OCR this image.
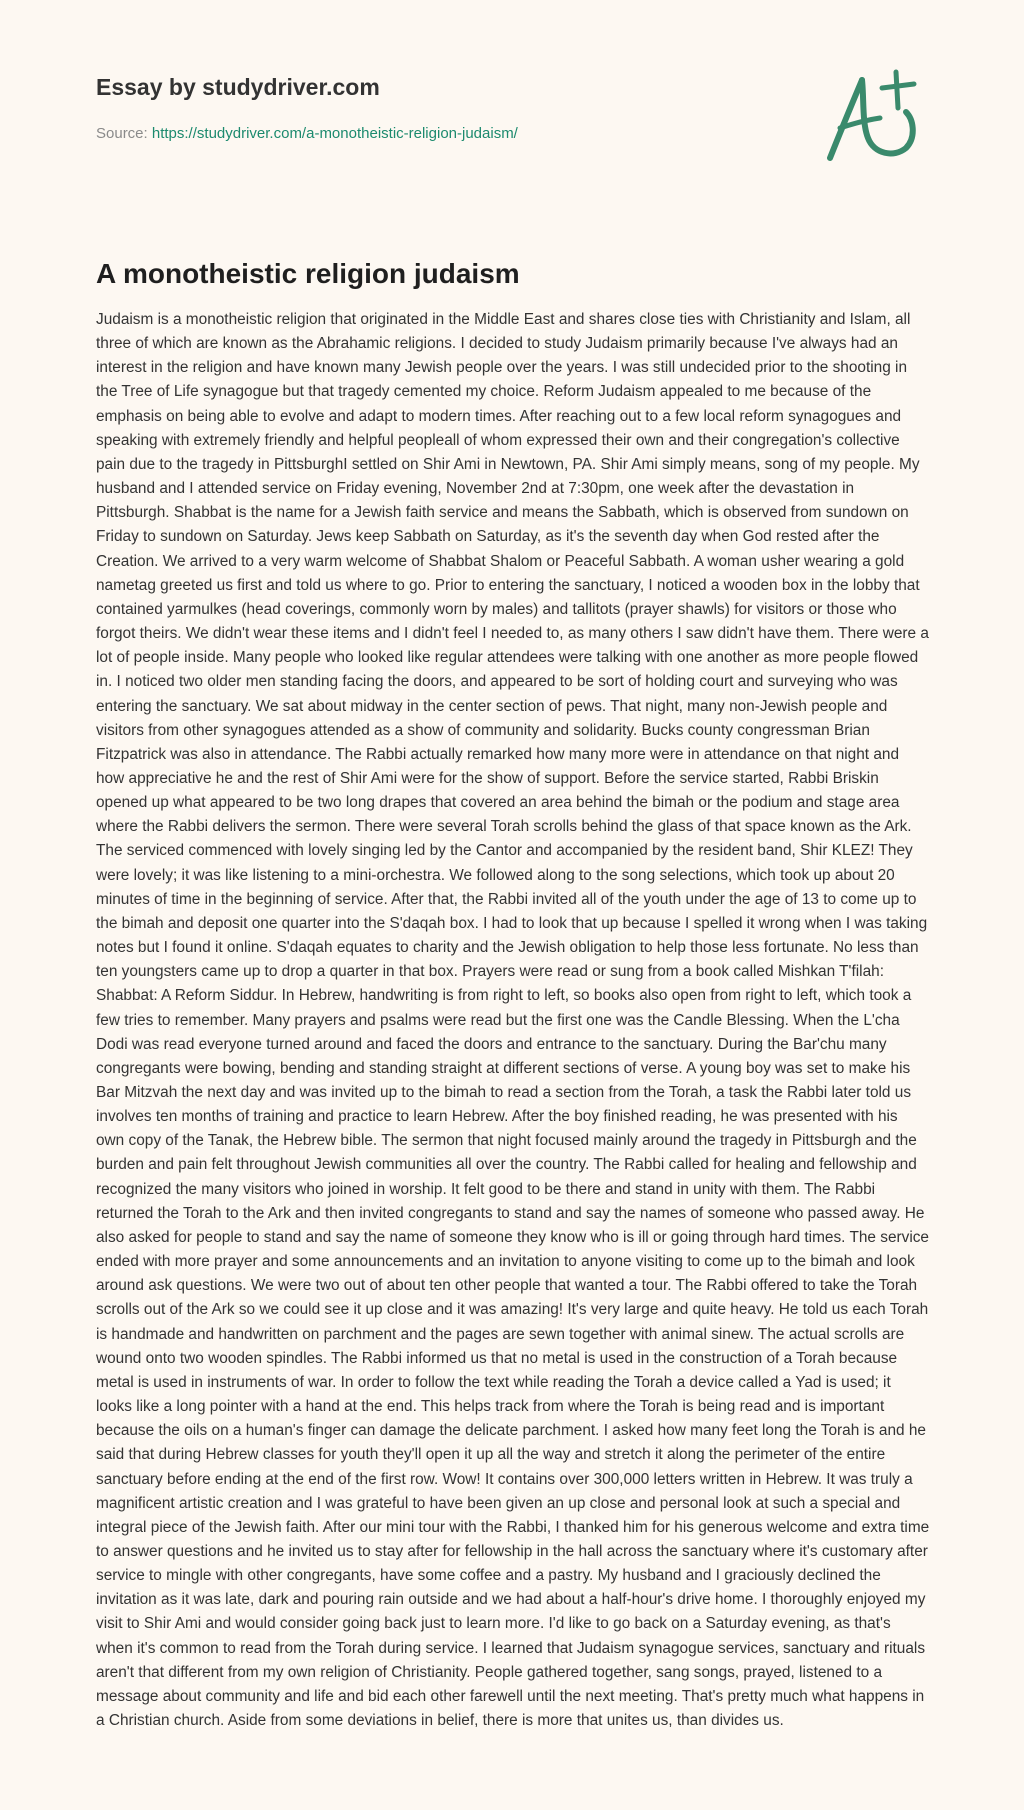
Essay by studydriver.com
Source: https://studydriver.com/a-monotheistic-religion-judaism/
A monotheistic religion judaism

Judaism is a monotheistic religion that originated in the Middle East and shares close ties with Christianity and Islam, all three of which are known as the Abrahamic religions. I decided to study Judaism primarily because I've always had an interest in the religion and have known many Jewish people over the years. I was still undecided prior to the shooting in the Tree of Life synagogue but that tragedy cemented my choice. Reform Judaism appealed to me because of the emphasis on being able to evolve and adapt to modern times. After reaching out to a few local reform synagogues and speaking with extremely friendly and helpful peopleall of whom expressed their own and their congregation's collective pain due to the tragedy in PittsburghI settled on Shir Ami in Newtown, PA. Shir Ami simply means, song of my people. My husband and I attended service on Friday evening, November 2nd at 7:30pm, one week after the devastation in Pittsburgh. Shabbat is the name for a Jewish faith service and means the Sabbath, which is observed from sundown on Friday to sundown on Saturday. Jews keep Sabbath on Saturday, as it's the seventh day when God rested after the Creation. We arrived to a very warm welcome of Shabbat Shalom or Peaceful Sabbath. A woman usher wearing a gold nametag greeted us first and told us where to go. Prior to entering the sanctuary, I noticed a wooden box in the lobby that contained yarmulkes (head coverings, commonly worn by males) and tallitots (prayer shawls) for visitors or those who forgot theirs. We didn't wear these items and I didn't feel I needed to, as many others I saw didn't have them. There were a lot of people inside. Many people who looked like regular attendees were talking with one another as more people flowed in. I noticed two older men standing facing the doors, and appeared to be sort of holding court and surveying who was entering the sanctuary. We sat about midway in the center section of pews. That night, many non-Jewish people and visitors from other synagogues attended as a show of community and solidarity. Bucks county congressman Brian Fitzpatrick was also in attendance. The Rabbi actually remarked how many more were in attendance on that night and how appreciative he and the rest of Shir Ami were for the show of support. Before the service started, Rabbi Briskin opened up what appeared to be two long drapes that covered an area behind the bimah or the podium and stage area where the Rabbi delivers the sermon. There were several Torah scrolls behind the glass of that space known as the Ark. The serviced commenced with lovely singing led by the Cantor and accompanied by the resident band, Shir KLEZ! They were lovely; it was like listening to a mini-orchestra. We followed along to the song selections, which took up about 20 minutes of time in the beginning of service. After that, the Rabbi invited all of the youth under the age of 13 to come up to the bimah and deposit one quarter into the S'daqah box. I had to look that up because I spelled it wrong when I was taking notes but I found it online. S'daqah equates to charity and the Jewish obligation to help those less fortunate. No less than ten youngsters came up to drop a quarter in that box. Prayers were read or sung from a book called Mishkan T'filah: Shabbat: A Reform Siddur. In Hebrew, handwriting is from right to left, so books also open from right to left, which took a few tries to remember. Many prayers and psalms were read but the first one was the Candle Blessing. When the L'cha Dodi was read everyone turned around and faced the doors and entrance to the sanctuary. During the Bar'chu many congregants were bowing, bending and standing straight at different sections of verse. A young boy was set to make his Bar Mitzvah the next day and was invited up to the bimah to read a section from the Torah, a task the Rabbi later told us involves ten months of training and practice to learn Hebrew. After the boy finished reading, he was presented with his own copy of the Tanak, the Hebrew bible. The sermon that night focused mainly around the tragedy in Pittsburgh and the burden and pain felt throughout Jewish communities all over the country. The Rabbi called for healing and fellowship and recognized the many visitors who joined in worship. It felt good to be there and stand in unity with them. The Rabbi returned the Torah to the Ark and then invited congregants to stand and say the names of someone who passed away. He also asked for people to stand and say the name of someone they know who is ill or going through hard times. The service ended with more prayer and some announcements and an invitation to anyone visiting to come up to the bimah and look around ask questions. We were two out of about ten other people that wanted a tour. The Rabbi offered to take the Torah scrolls out of the Ark so we could see it up close and it was amazing! It's very large and quite heavy. He told us each Torah is handmade and handwritten on parchment and the pages are sewn together with animal sinew. The actual scrolls are wound onto two wooden spindles. The Rabbi informed us that no metal is used in the construction of a Torah because metal is used in instruments of war. In order to follow the text while reading the Torah a device called a Yad is used; it looks like a long pointer with a hand at the end. This helps track from where the Torah is being read and is important because the oils on a human's finger can damage the delicate parchment. I asked how many feet long the Torah is and he said that during Hebrew classes for youth they'll open it up all the way and stretch it along the perimeter of the entire sanctuary before ending at the end of the first row. Wow! It contains over 300,000 letters written in Hebrew. It was truly a magnificent artistic creation and I was grateful to have been given an up close and personal look at such a special and integral piece of the Jewish faith. After our mini tour with the Rabbi, I thanked him for his generous welcome and extra time to answer questions and he invited us to stay after for fellowship in the hall across the sanctuary where it's customary after service to mingle with other congregants, have some coffee and a pastry. My husband and I graciously declined the invitation as it was late, dark and pouring rain outside and we had about a half-hour's drive home. I thoroughly enjoyed my visit to Shir Ami and would consider going back just to learn more. I'd like to go back on a Saturday evening, as that's when it's common to read from the Torah during service. I learned that Judaism synagogue services, sanctuary and rituals aren't that different from my own religion of Christianity. People gathered together, sang songs, prayed, listened to a message about community and life and bid each other farewell until the next meeting. That's pretty much what happens in a Christian church. Aside from some deviations in belief, there is more that unites us, than divides us.
